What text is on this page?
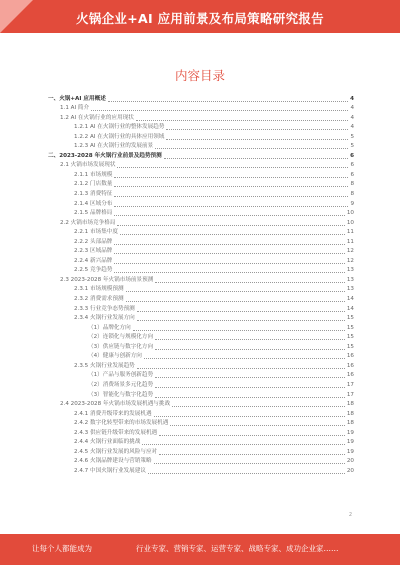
火锅企业+AI 应用前景及布局策略研究报告
内容目录
一、火锅+AI 应用概述	4
1.1 AI 简介	4
1.2 AI 在火锅行业的应用现状	4
1.2.1 AI 在火锅行业的整体发展趋势	4
1.2.2 AI 在火锅行业的具体应用领域	5
1.2.3 AI 在火锅行业的发展前景	5
二、2023-2028 年火锅行业前景及趋势预测	6
2.1 火锅市场发展现状	6
2.1.1 市场规模	6
2.1.2 门店数量	8
2.1.3 消费特征	8
2.1.4 区域分布	9
2.1.5 品牌格局	10
2.2 火锅市场竞争格局	10
2.2.1 市场集中度	11
2.2.2 头部品牌	11
2.2.3 区域品牌	12
2.2.4 新兴品牌	12
2.2.5 竞争趋势	13
2.3 2023-2028 年火锅市场前景预测	13
2.3.1 市场规模预测	13
2.3.2 消费需求预测	14
2.3.3 行业竞争态势预测	14
2.3.4 火锅行业发展方向	15
（1）品牌化方向	15
（2）连锁化与规模化方向	15
（3）供应链与数字化方向	15
（4）健康与创新方向	16
2.3.5 火锅行业发展趋势	16
（1）产品与服务创新趋势	16
（2）消费场景多元化趋势	17
（3）智能化与数字化趋势	17
2.4 2023-2028 年火锅市场发展机遇与挑战	18
2.4.1 消费升级带来的发展机遇	18
2.4.2 数字化转型带来的市场发展机遇	18
2.4.3 供应链升级带来的发展机遇	19
2.4.4 火锅行业面临的挑战	19
2.4.5 火锅行业发展的风险与应对	19
2.4.6 火锅品牌建设与营销策略	20
2.4.7 中国火锅行业发展建议	20
2
让每个人都能成为	行业专家、营销专家、运营专家、战略专家、成功企业家……
